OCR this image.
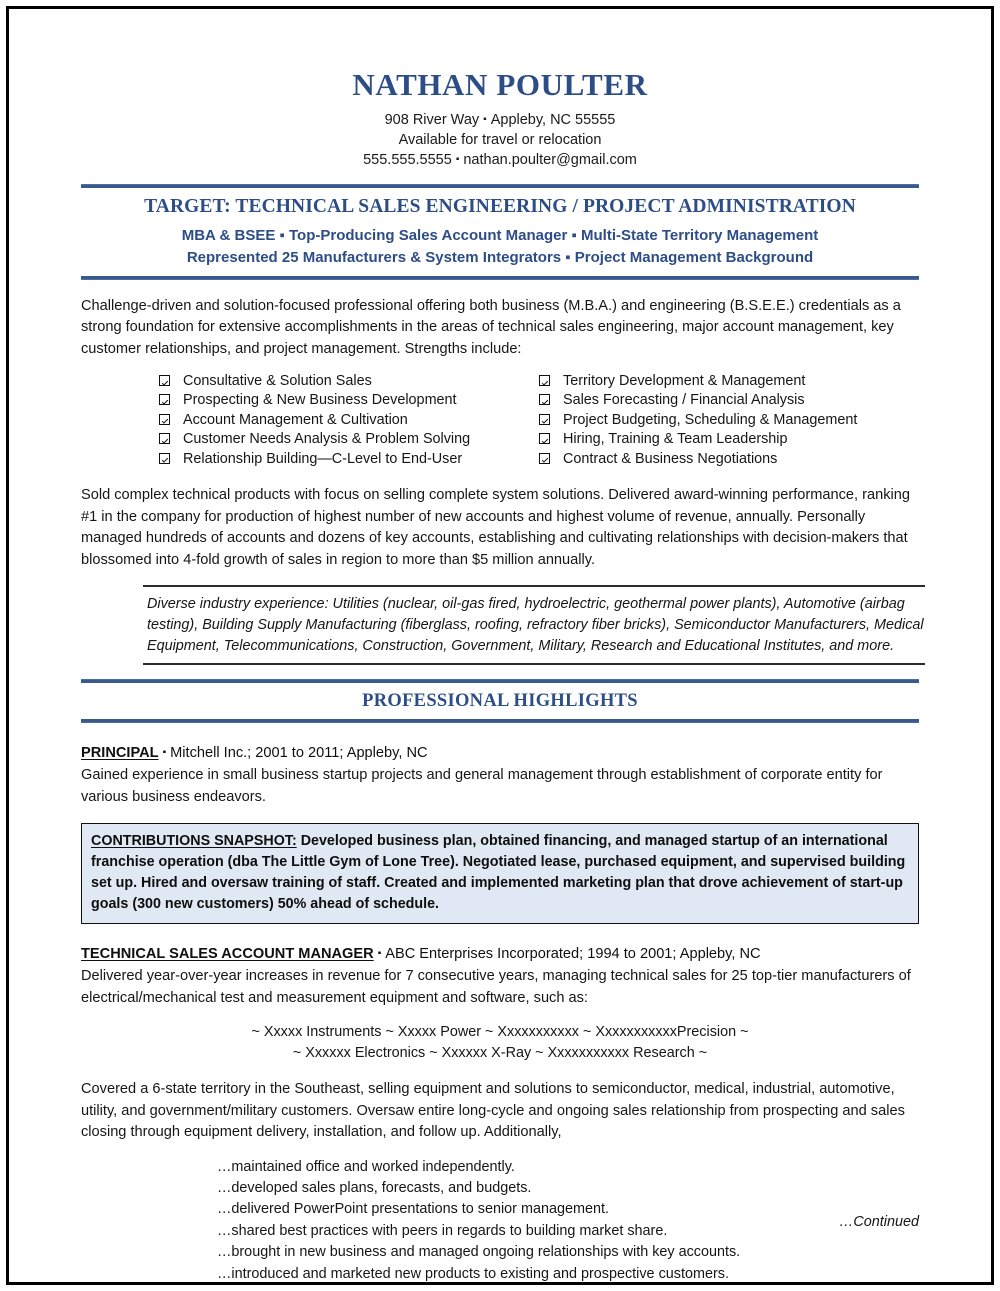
NATHAN POULTER
908 River Way ▪ Appleby, NC 55555
Available for travel or relocation
555.555.5555 ▪ nathan.poulter@gmail.com
TARGET: TECHNICAL SALES ENGINEERING / PROJECT ADMINISTRATION
MBA & BSEE ▪ Top-Producing Sales Account Manager ▪ Multi-State Territory Management
Represented 25 Manufacturers & System Integrators ▪ Project Management Background

Challenge-driven and solution-focused professional offering both business (M.B.A.) and engineering (B.S.E.E.) credentials as a strong foundation for extensive accomplishments in the areas of technical sales engineering, major account management, key customer relationships, and project management. Strengths include:

Consultative & Solution Sales
Prospecting & New Business Development
Account Management & Cultivation
Customer Needs Analysis & Problem Solving
Relationship Building—C-Level to End-User
Territory Development & Management
Sales Forecasting / Financial Analysis
Project Budgeting, Scheduling & Management
Hiring, Training & Team Leadership
Contract & Business Negotiations

Sold complex technical products with focus on selling complete system solutions. Delivered award-winning performance, ranking #1 in the company for production of highest number of new accounts and highest volume of revenue, annually. Personally managed hundreds of accounts and dozens of key accounts, establishing and cultivating relationships with decision-makers that blossomed into 4-fold growth of sales in region to more than $5 million annually.

Diverse industry experience: Utilities (nuclear, oil-gas fired, hydroelectric, geothermal power plants), Automotive (airbag testing), Building Supply Manufacturing (fiberglass, roofing, refractory fiber bricks), Semiconductor Manufacturers, Medical Equipment, Telecommunications, Construction, Government, Military, Research and Educational Institutes, and more.

PROFESSIONAL HIGHLIGHTS
PRINCIPAL ▪ Mitchell Inc.; 2001 to 2011; Appleby, NC

Gained experience in small business startup projects and general management through establishment of corporate entity for various business endeavors.

CONTRIBUTIONS SNAPSHOT: Developed business plan, obtained financing, and managed startup of an international franchise operation (dba The Little Gym of Lone Tree). Negotiated lease, purchased equipment, and supervised building set up. Hired and oversaw training of staff. Created and implemented marketing plan that drove achievement of start-up goals (300 new customers) 50% ahead of schedule.

TECHNICAL SALES ACCOUNT MANAGER ▪ ABC Enterprises Incorporated; 1994 to 2001; Appleby, NC

Delivered year-over-year increases in revenue for 7 consecutive years, managing technical sales for 25 top-tier manufacturers of electrical/mechanical test and measurement equipment and software, such as:

~ Xxxxx Instruments ~ Xxxxx Power ~ Xxxxxxxxxxx ~ XxxxxxxxxxxPrecision ~
~ Xxxxxx Electronics ~ Xxxxxx X-Ray ~ Xxxxxxxxxxx Research ~

Covered a 6-state territory in the Southeast, selling equipment and solutions to semiconductor, medical, industrial, automotive, utility, and government/military customers. Oversaw entire long-cycle and ongoing sales relationship from prospecting and sales closing through equipment delivery, installation, and follow up. Additionally,

…maintained office and worked independently.
…developed sales plans, forecasts, and budgets.
…delivered PowerPoint presentations to senior management.
…shared best practices with peers in regards to building market share.
…brought in new business and managed ongoing relationships with key accounts.
…introduced and marketed new products to existing and prospective customers.
…Continued
